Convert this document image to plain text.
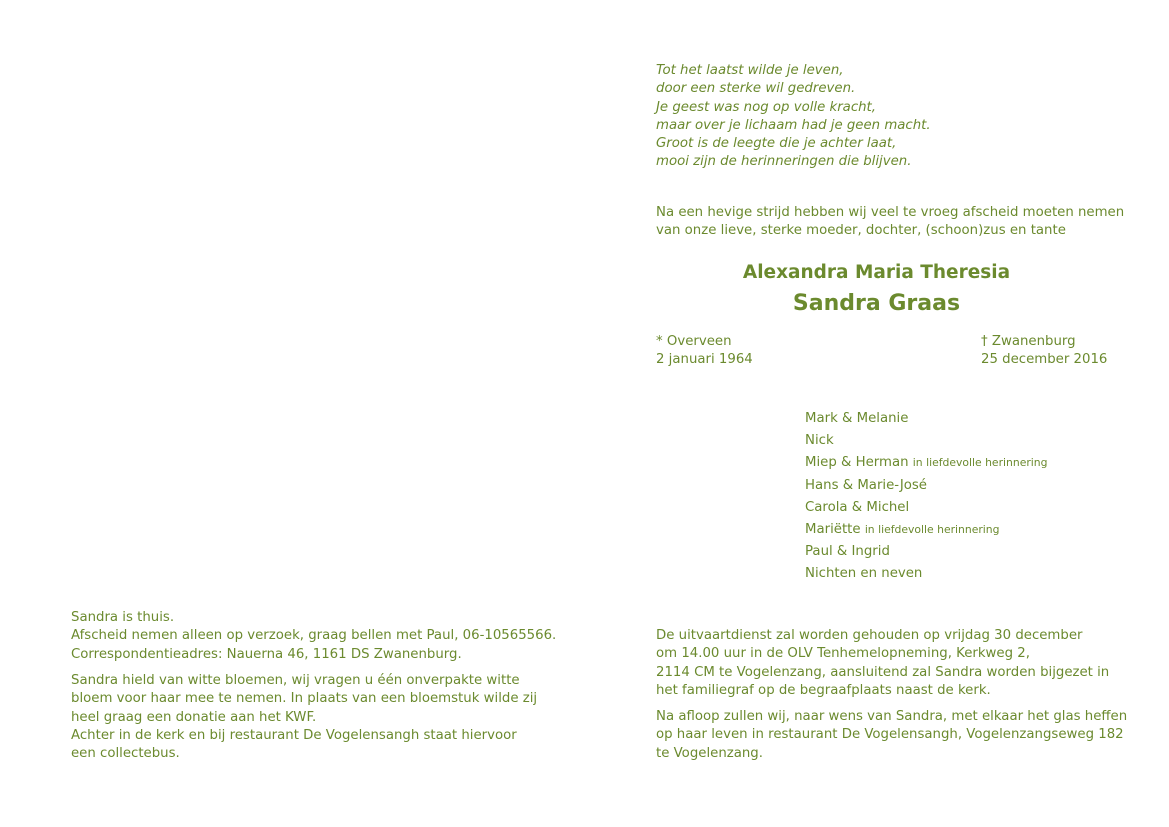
Tot het laatst wilde je leven,
door een sterke wil gedreven.
Je geest was nog op volle kracht,
maar over je lichaam had je geen macht.
Groot is de leegte die je achter laat,
mooi zijn de herinneringen die blijven.
Na een hevige strijd hebben wij veel te vroeg afscheid moeten nemen
van onze lieve, sterke moeder, dochter, (schoon)zus en tante
Alexandra Maria Theresia
Sandra Graas
* Overveen
2 januari 1964
† Zwanenburg
25 december 2016
Mark & Melanie
Nick
Miep & Herman in liefdevolle herinnering
Hans & Marie-José
Carola & Michel
Mariëtte in liefdevolle herinnering
Paul & Ingrid
Nichten en neven
De uitvaartdienst zal worden gehouden op vrijdag 30 december
om 14.00 uur in de OLV Tenhemelopneming, Kerkweg 2,
2114 CM te Vogelenzang, aansluitend zal Sandra worden bijgezet in
het familiegraf op de begraafplaats naast de kerk.
Na afloop zullen wij, naar wens van Sandra, met elkaar het glas heffen
op haar leven in restaurant De Vogelensangh, Vogelenzangseweg 182
te Vogelenzang.
Sandra is thuis.
Afscheid nemen alleen op verzoek, graag bellen met Paul, 06-10565566.
Correspondentieadres: Nauerna 46, 1161 DS Zwanenburg.
Sandra hield van witte bloemen, wij vragen u één onverpakte witte
bloem voor haar mee te nemen. In plaats van een bloemstuk wilde zij
heel graag een donatie aan het KWF.
Achter in de kerk en bij restaurant De Vogelensangh staat hiervoor
een collectebus.
